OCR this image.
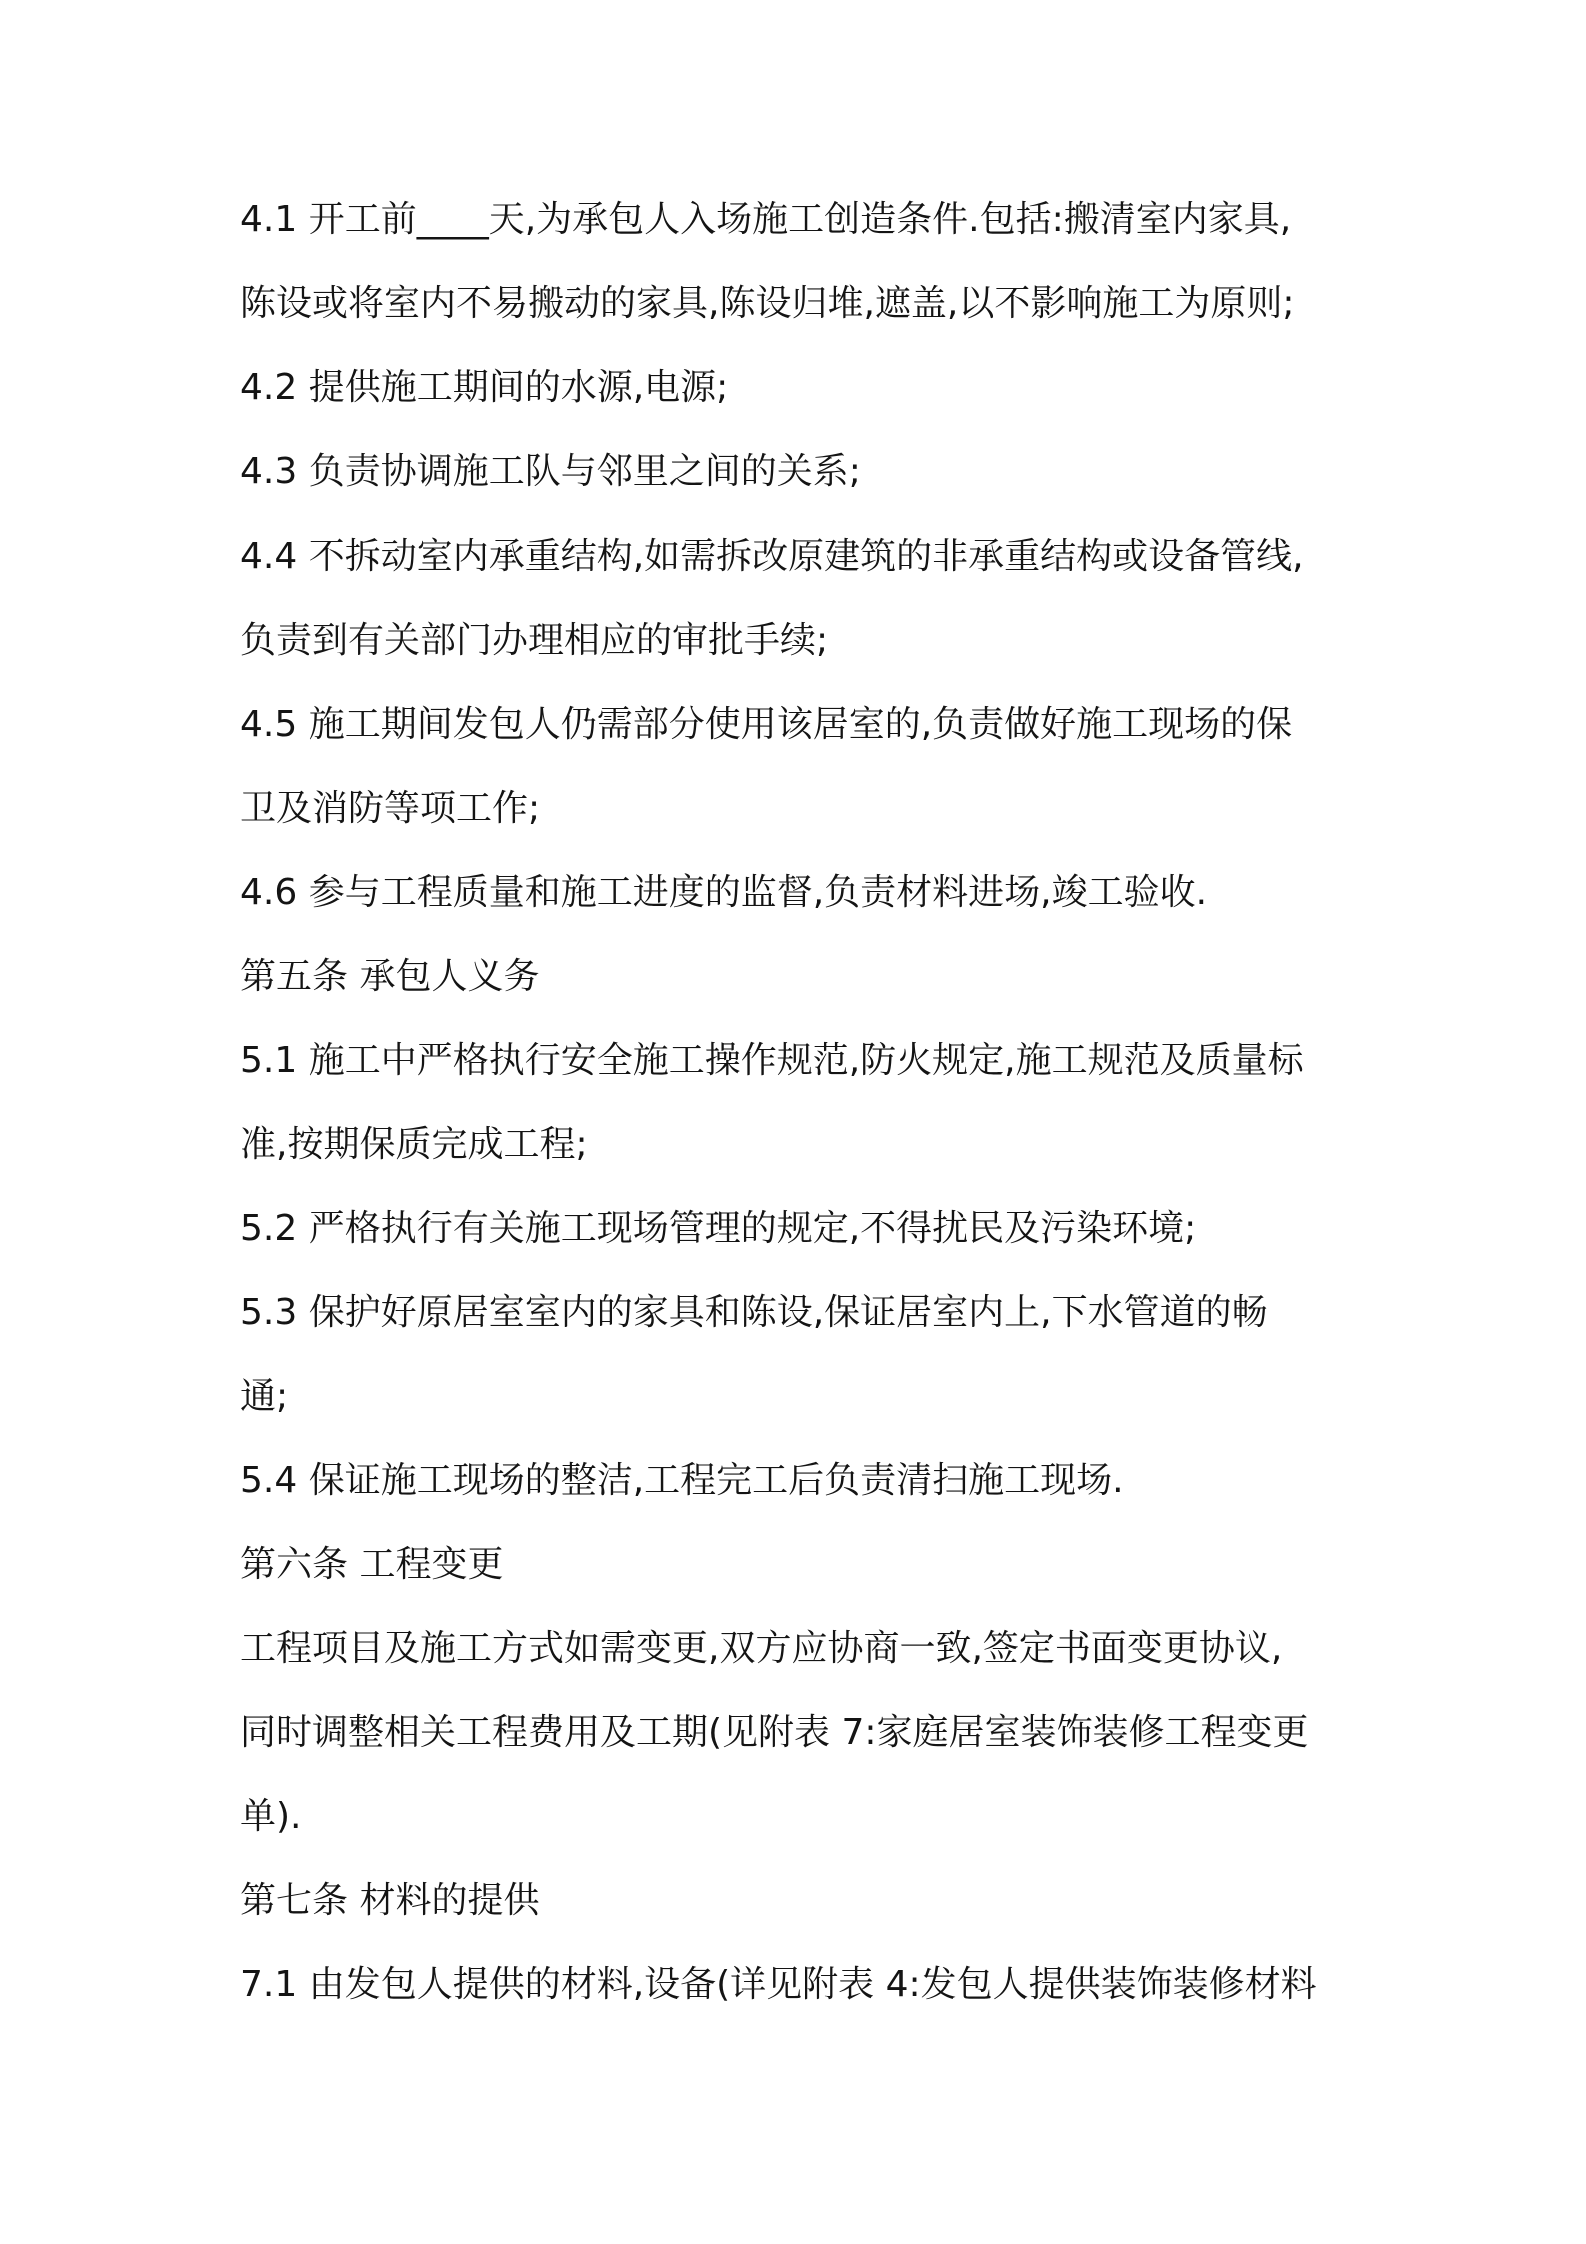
4.1 开工前____天,为承包人入场施工创造条件.包括:搬清室内家具,
陈设或将室内不易搬动的家具,陈设归堆,遮盖,以不影响施工为原则;
4.2 提供施工期间的水源,电源;
4.3 负责协调施工队与邻里之间的关系;
4.4 不拆动室内承重结构,如需拆改原建筑的非承重结构或设备管线,
负责到有关部门办理相应的审批手续;
4.5 施工期间发包人仍需部分使用该居室的,负责做好施工现场的保
卫及消防等项工作;
4.6 参与工程质量和施工进度的监督,负责材料进场,竣工验收.
第五条 承包人义务
5.1 施工中严格执行安全施工操作规范,防火规定,施工规范及质量标
准,按期保质完成工程;
5.2 严格执行有关施工现场管理的规定,不得扰民及污染环境;
5.3 保护好原居室室内的家具和陈设,保证居室内上,下水管道的畅
通;
5.4 保证施工现场的整洁,工程完工后负责清扫施工现场.
第六条 工程变更
工程项目及施工方式如需变更,双方应协商一致,签定书面变更协议,
同时调整相关工程费用及工期(见附表 7:家庭居室装饰装修工程变更
单).
第七条 材料的提供
7.1 由发包人提供的材料,设备(详见附表 4:发包人提供装饰装修材料
